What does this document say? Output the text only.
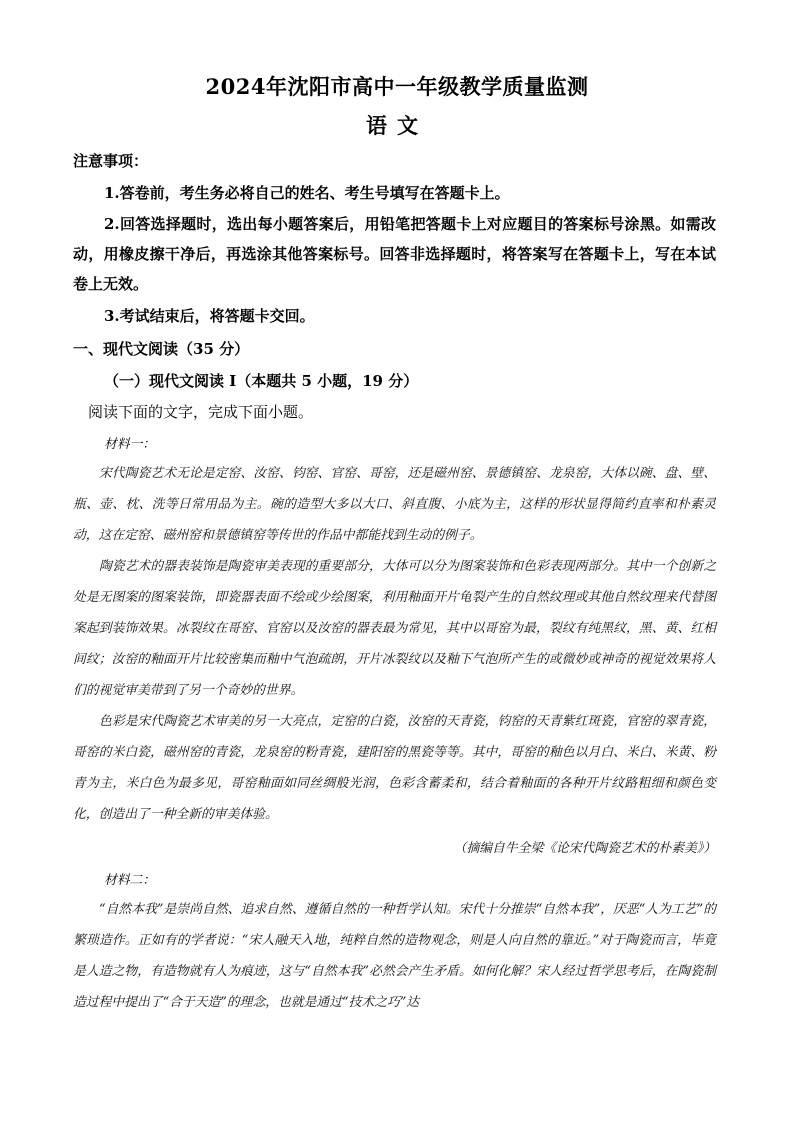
2024年沈阳市高中一年级教学质量监测
语文
注意事项：
1.答卷前，考生务必将自己的姓名、考生号填写在答题卡上。
2.回答选择题时，选出每小题答案后，用铅笔把答题卡上对应题目的答案标号涂黑。如需改动，用橡皮擦干净后，再选涂其他答案标号。回答非选择题时，将答案写在答题卡上，写在本试卷上无效。
3.考试结束后，将答题卡交回。
一、现代文阅读（35 分）
（一）现代文阅读 I（本题共 5 小题，19 分）
阅读下面的文字，完成下面小题。
材料一：
宋代陶瓷艺术无论是定窑、汝窑、钧窑、官窑、哥窑，还是磁州窑、景德镇窑、龙泉窑，大体以碗、盘、壁、瓶、壶、枕、洗等日常用品为主。碗的造型大多以大口、斜直腹、小底为主，这样的形状显得简约直率和朴素灵动，这在定窑、磁州窑和景德镇窑等传世的作品中都能找到生动的例子。
陶瓷艺术的器表装饰是陶瓷审美表现的重要部分，大体可以分为图案装饰和色彩表现两部分。其中一个创新之处是无图案的图案装饰，即瓷器表面不绘或少绘图案，利用釉面开片龟裂产生的自然纹理或其他自然纹理来代替图案起到装饰效果。冰裂纹在哥窑、官窑以及汝窑的器表最为常见，其中以哥窑为最，裂纹有纯黑纹，黑、黄、红相间纹；汝窑的釉面开片比较密集而釉中气泡疏朗，开片冰裂纹以及釉下气泡所产生的或微妙或神奇的视觉效果将人们的视觉审美带到了另一个奇妙的世界。
色彩是宋代陶瓷艺术审美的另一大亮点，定窑的白瓷，汝窑的天青瓷，钧窑的天青紫红斑瓷，官窑的翠青瓷，哥窑的米白瓷，磁州窑的青瓷，龙泉窑的粉青瓷，建阳窑的黑瓷等等。其中，哥窑的釉色以月白、米白、米黄、粉青为主，米白色为最多见，哥窑釉面如同丝绸般光润，色彩含蓄柔和，结合着釉面的各种开片纹路粗细和颜色变化，创造出了一种全新的审美体验。
（摘编自牛全梁《论宋代陶瓷艺术的朴素美》）
材料二：
“自然本我”是崇尚自然、追求自然、遵循自然的一种哲学认知。宋代十分推崇“自然本我”，厌恶“人为工艺”的繁琐造作。正如有的学者说：“宋人融天入地，纯粹自然的造物观念，则是人向自然的靠近。”对于陶瓷而言，毕竟是人造之物，有造物就有人为痕迹，这与“自然本我”必然会产生矛盾。如何化解？宋人经过哲学思考后，在陶瓷制造过程中提出了“合于天造”的理念，也就是通过“技术之巧”达
